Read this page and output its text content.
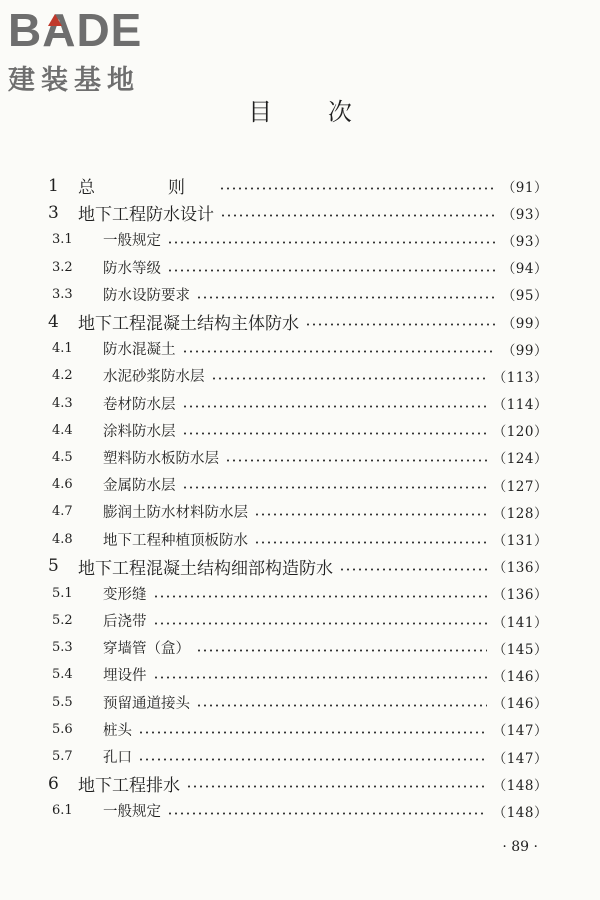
BADE
建装基地
目 次
1	总　则	（91）
3	地下工程防水设计	（93）
3.1	一般规定	（93）
3.2	防水等级	（94）
3.3	防水设防要求	（95）
4	地下工程混凝土结构主体防水	（99）
4.1	防水混凝土	（99）
4.2	水泥砂浆防水层	（113）
4.3	卷材防水层	（114）
4.4	涂料防水层	（120）
4.5	塑料防水板防水层	（124）
4.6	金属防水层	（127）
4.7	膨润土防水材料防水层	（128）
4.8	地下工程种植顶板防水	（131）
5	地下工程混凝土结构细部构造防水	（136）
5.1	变形缝	（136）
5.2	后浇带	（141）
5.3	穿墙管（盒）	（145）
5.4	埋设件	（146）
5.5	预留通道接头	（146）
5.6	桩头	（147）
5.7	孔口	（147）
6	地下工程排水	（148）
6.1	一般规定	（148）
· 89 ·
